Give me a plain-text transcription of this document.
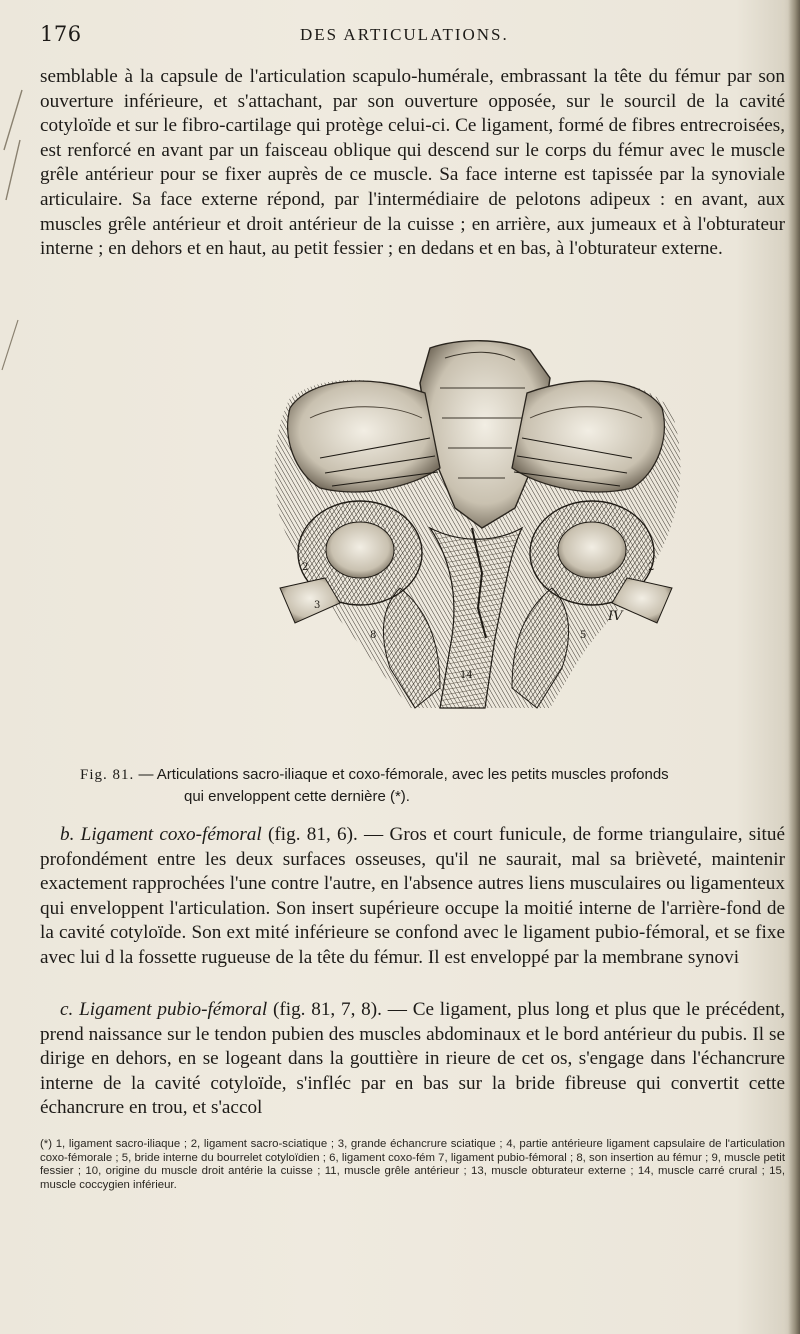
176	DES ARTICULATIONS.

semblable à la capsule de l'articulation scapulo-humérale, embrassant la tête du fémur par son ouverture inférieure, et s'attachant, par son ouverture opposée, sur le sourcil de la cavité cotyloïde et sur le fibro-cartilage qui protège celui-ci. Ce ligament, formé de fibres entrecroisées, est renforcé en avant par un faisceau oblique qui descend sur le corps du fémur avec le muscle grêle antérieur pour se fixer auprès de ce muscle. Sa face interne est tapissée par la synoviale articulaire. Sa face externe répond, par l'intermédiaire de pelotons adipeux : en avant, aux muscles grêle antérieur et droit antérieur de la cuisse ; en arrière, aux jumeaux et à l'obturateur interne ; en dehors et en haut, au petit fessier ; en dedans et en bas, à l'obturateur externe.

2
3
2
8	5
14
IV

Fig. 81. — Articulations sacro-iliaque et coxo-fémorale, avec les petits muscles profonds
qui enveloppent cette dernière (*).

b. Ligament coxo-fémoral (fig. 81, 6). — Gros et court funicule, de forme triangulaire, situé profondément entre les deux surfaces osseuses, qu'il ne saurait, mal sa brièveté, maintenir exactement rapprochées l'une contre l'autre, en l'absence autres liens musculaires ou ligamenteux qui enveloppent l'articulation. Son insert supérieure occupe la moitié interne de l'arrière-fond de la cavité cotyloïde. Son ext mité inférieure se confond avec le ligament pubio-fémoral, et se fixe avec lui d la fossette rugueuse de la tête du fémur. Il est enveloppé par la membrane synovi

c. Ligament pubio-fémoral (fig. 81, 7, 8). — Ce ligament, plus long et plus que le précédent, prend naissance sur le tendon pubien des muscles abdominaux et le bord antérieur du pubis. Il se dirige en dehors, en se logeant dans la gouttière in rieure de cet os, s'engage dans l'échancrure interne de la cavité cotyloïde, s'infléc par en bas sur la bride fibreuse qui convertit cette échancrure en trou, et s'accol

(*) 1, ligament sacro-iliaque ; 2, ligament sacro-sciatique ; 3, grande échancrure sciatique ; 4, partie antérieure ligament capsulaire de l'articulation coxo-fémorale ; 5, bride interne du bourrelet cotyloïdien ; 6, ligament coxo-fém 7, ligament pubio-fémoral ; 8, son insertion au fémur ; 9, muscle petit fessier ; 10, origine du muscle droit antérie la cuisse ; 11, muscle grêle antérieur ; 13, muscle obturateur externe ; 14, muscle carré crural ; 15, muscle coccygien inférieur.
